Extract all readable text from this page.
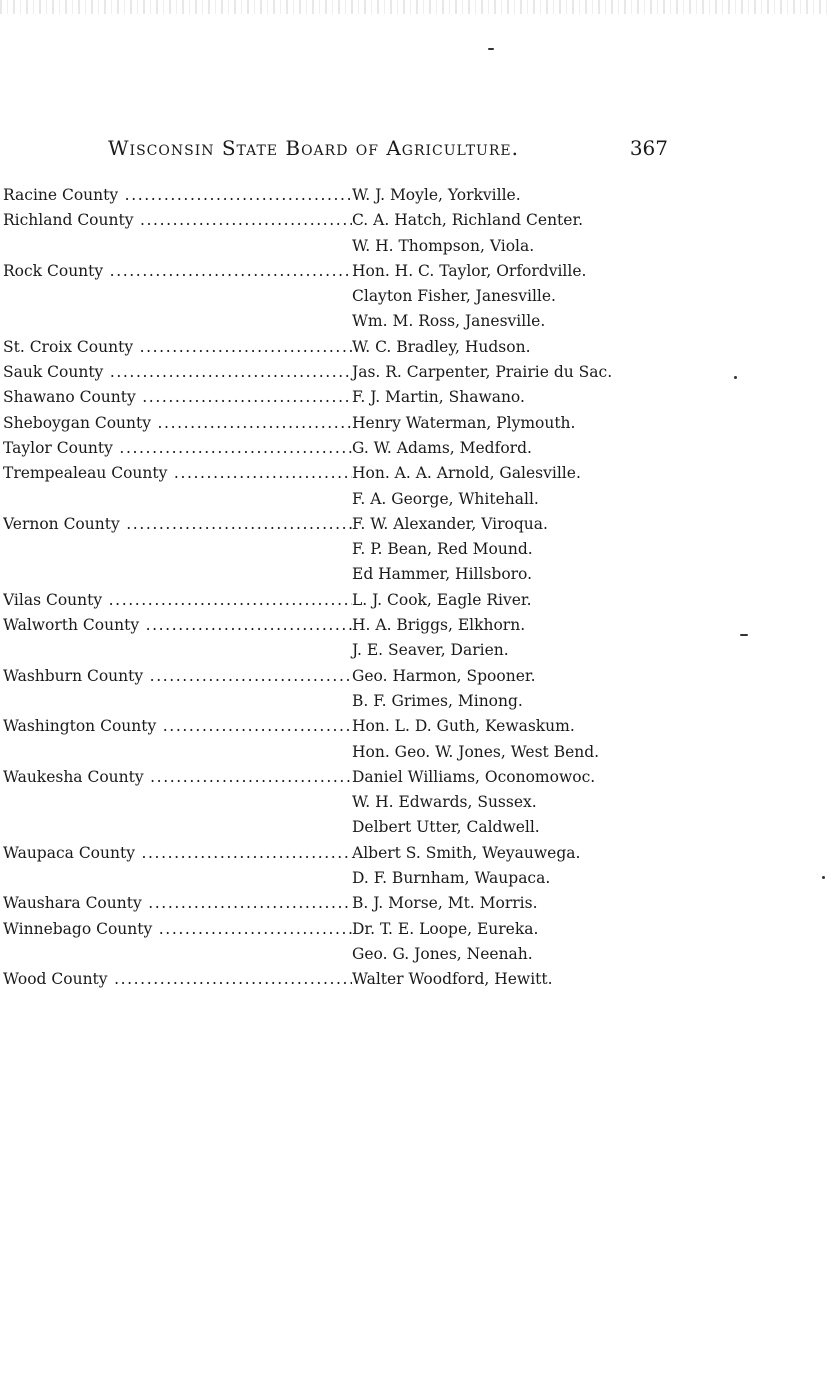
Wisconsin State Board of Agriculture.	367
Racine County .....	W. J. Moyle, Yorkville.
Richland County .....	C. A. Hatch, Richland Center.
W. H. Thompson, Viola.
Rock County .....	Hon. H. C. Taylor, Orfordville.
Clayton Fisher, Janesville.
Wm. M. Ross, Janesville.
St. Croix County .....	W. C. Bradley, Hudson.
Sauk County .....	Jas. R. Carpenter, Prairie du Sac.
Shawano County .....	F. J. Martin, Shawano.
Sheboygan County .....	Henry Waterman, Plymouth.
Taylor County .....	G. W. Adams, Medford.
Trempealeau County .....	Hon. A. A. Arnold, Galesville.
F. A. George, Whitehall.
Vernon County .....	F. W. Alexander, Viroqua.
F. P. Bean, Red Mound.
Ed Hammer, Hillsboro.
Vilas County .....	L. J. Cook, Eagle River.
Walworth County .....	H. A. Briggs, Elkhorn.
J. E. Seaver, Darien.
Washburn County .....	Geo. Harmon, Spooner.
B. F. Grimes, Minong.
Washington County .....	Hon. L. D. Guth, Kewaskum.
Hon. Geo. W. Jones, West Bend.
Waukesha County .....	Daniel Williams, Oconomowoc.
W. H. Edwards, Sussex.
Delbert Utter, Caldwell.
Waupaca County .....	Albert S. Smith, Weyauwega.
D. F. Burnham, Waupaca.
Waushara County .....	B. J. Morse, Mt. Morris.
Winnebago County .....	Dr. T. E. Loope, Eureka.
Geo. G. Jones, Neenah.
Wood County .....	Walter Woodford, Hewitt.
